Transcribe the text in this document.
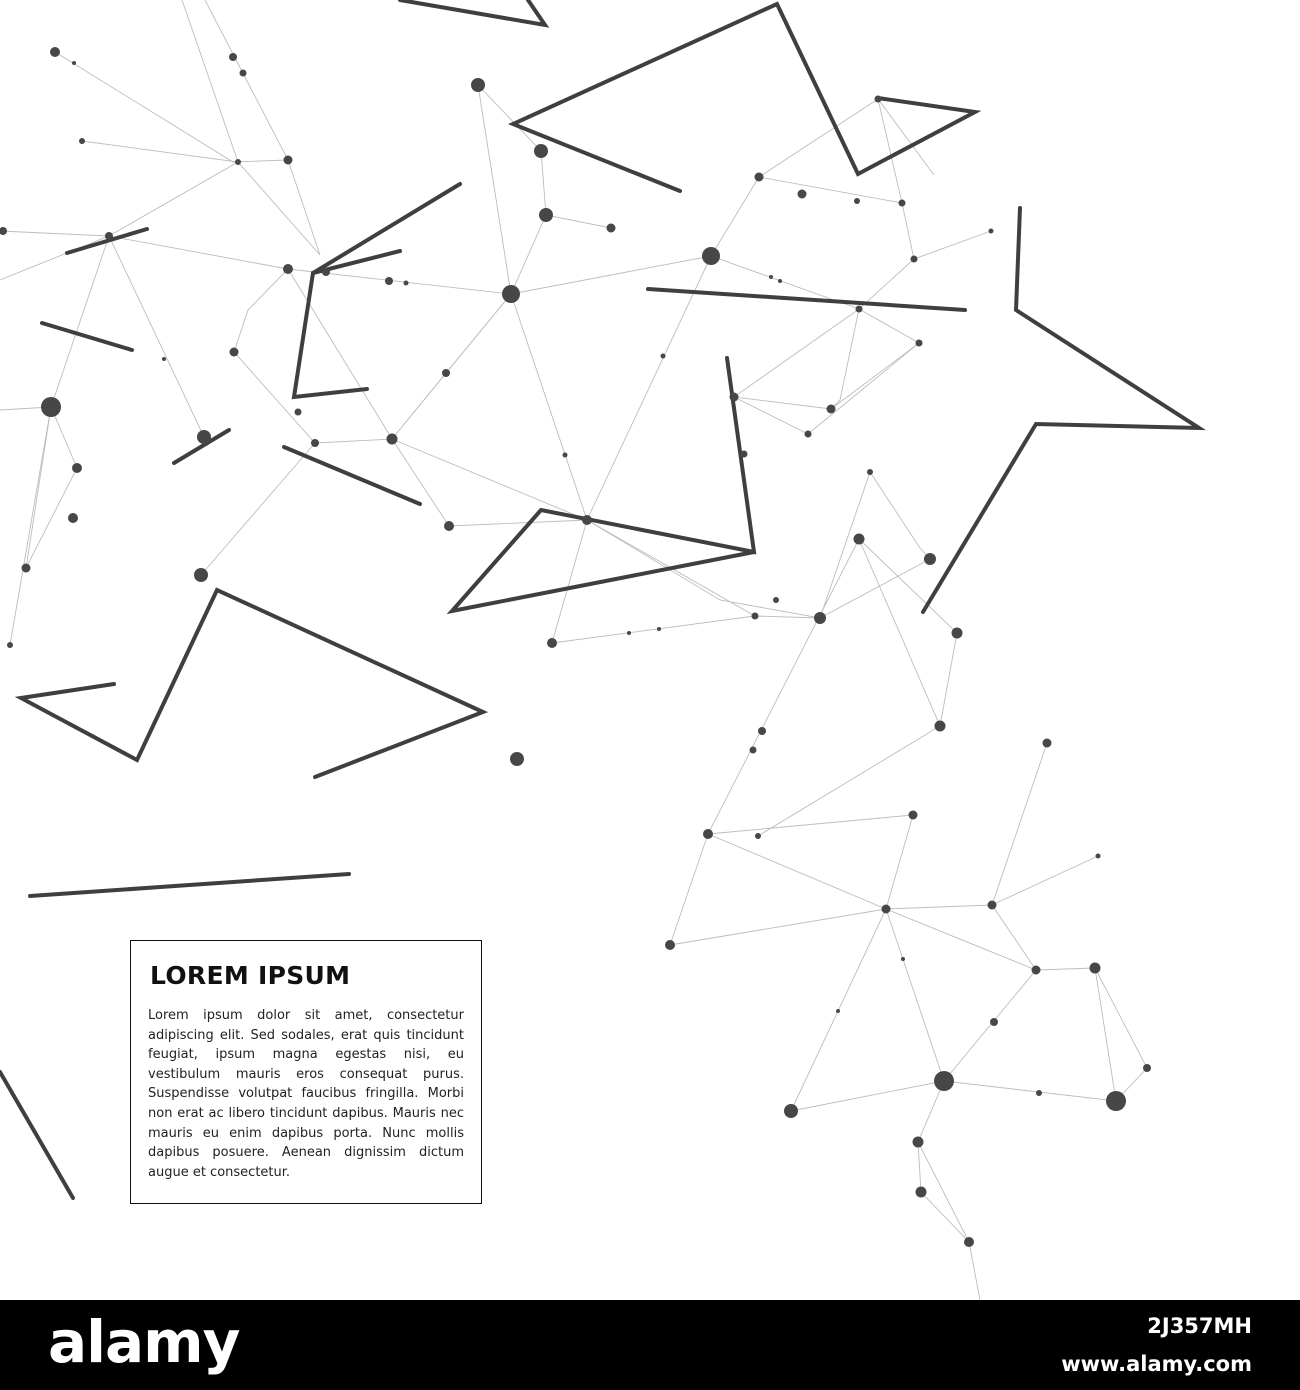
LOREM IPSUM

Lorem ipsum dolor sit amet, consectetur adipiscing elit. Sed sodales, erat quis tincidunt feugiat, ipsum magna egestas nisi, eu vestibulum mauris eros consequat purus. Suspendisse volutpat faucibus fringilla. Morbi non erat ac libero tincidunt dapibus. Mauris nec mauris eu enim dapibus porta. Nunc mollis dapibus posuere. Aenean dignissim dictum augue et consectetur.

alamy	2J357MH
www.alamy.com
